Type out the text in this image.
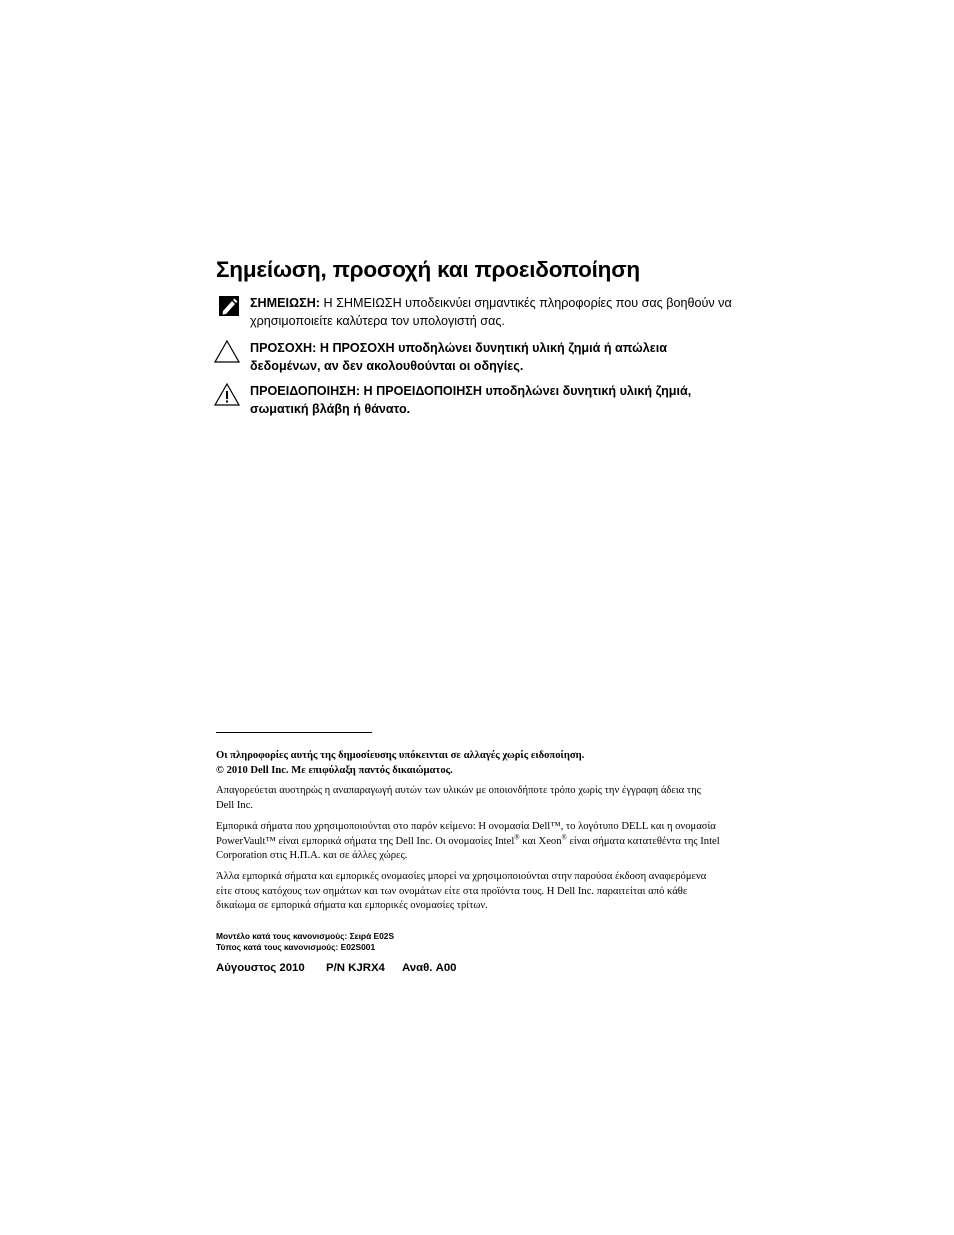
Σημείωση, προσοχή και προειδοποίηση
ΣΗΜΕΙΩΣΗ: Η ΣΗΜΕΙΩΣΗ υποδεικνύει σημαντικές πληροφορίες που σας βοηθούν να χρησιμοποιείτε καλύτερα τον υπολογιστή σας.
ΠΡΟΣΟΧΗ: Η ΠΡΟΣΟΧΗ υποδηλώνει δυνητική υλική ζημιά ή απώλεια δεδομένων, αν δεν ακολουθούνται οι οδηγίες.
ΠΡΟΕΙΔΟΠΟΙΗΣΗ: Η ΠΡΟΕΙΔΟΠΟΙΗΣΗ υποδηλώνει δυνητική υλική ζημιά, σωματική βλάβη ή θάνατο.
Οι πληροφορίες αυτής της δημοσίευσης υπόκεινται σε αλλαγές χωρίς ειδοποίηση.
© 2010 Dell Inc. Με επιφύλαξη παντός δικαιώματος.
Απαγορεύεται αυστηρώς η αναπαραγωγή αυτών των υλικών με οποιονδήποτε τρόπο χωρίς την έγγραφη άδεια της Dell Inc.
Εμπορικά σήματα που χρησιμοποιούνται στο παρόν κείμενο: Η ονομασία Dell™, το λογότυπο DELL και η ονομασία PowerVault™ είναι εμπορικά σήματα της Dell Inc. Οι ονομασίες Intel® και Xeon® είναι σήματα κατατεθέντα της Intel Corporation στις Η.Π.Α. και σε άλλες χώρες.
Άλλα εμπορικά σήματα και εμπορικές ονομασίες μπορεί να χρησιμοποιούνται στην παρούσα έκδοση αναφερόμενα είτε στους κατόχους των σημάτων και των ονομάτων είτε στα προϊόντα τους. Η Dell Inc. παραιτείται από κάθε δικαίωμα σε εμπορικά σήματα και εμπορικές ονομασίες τρίτων.
Μοντέλο κατά τους κανονισμούς: Σειρά E02S
Τύπος κατά τους κανονισμούς: E02S001
Αύγουστος 2010 P/N KJRX4 Αναθ. A00
